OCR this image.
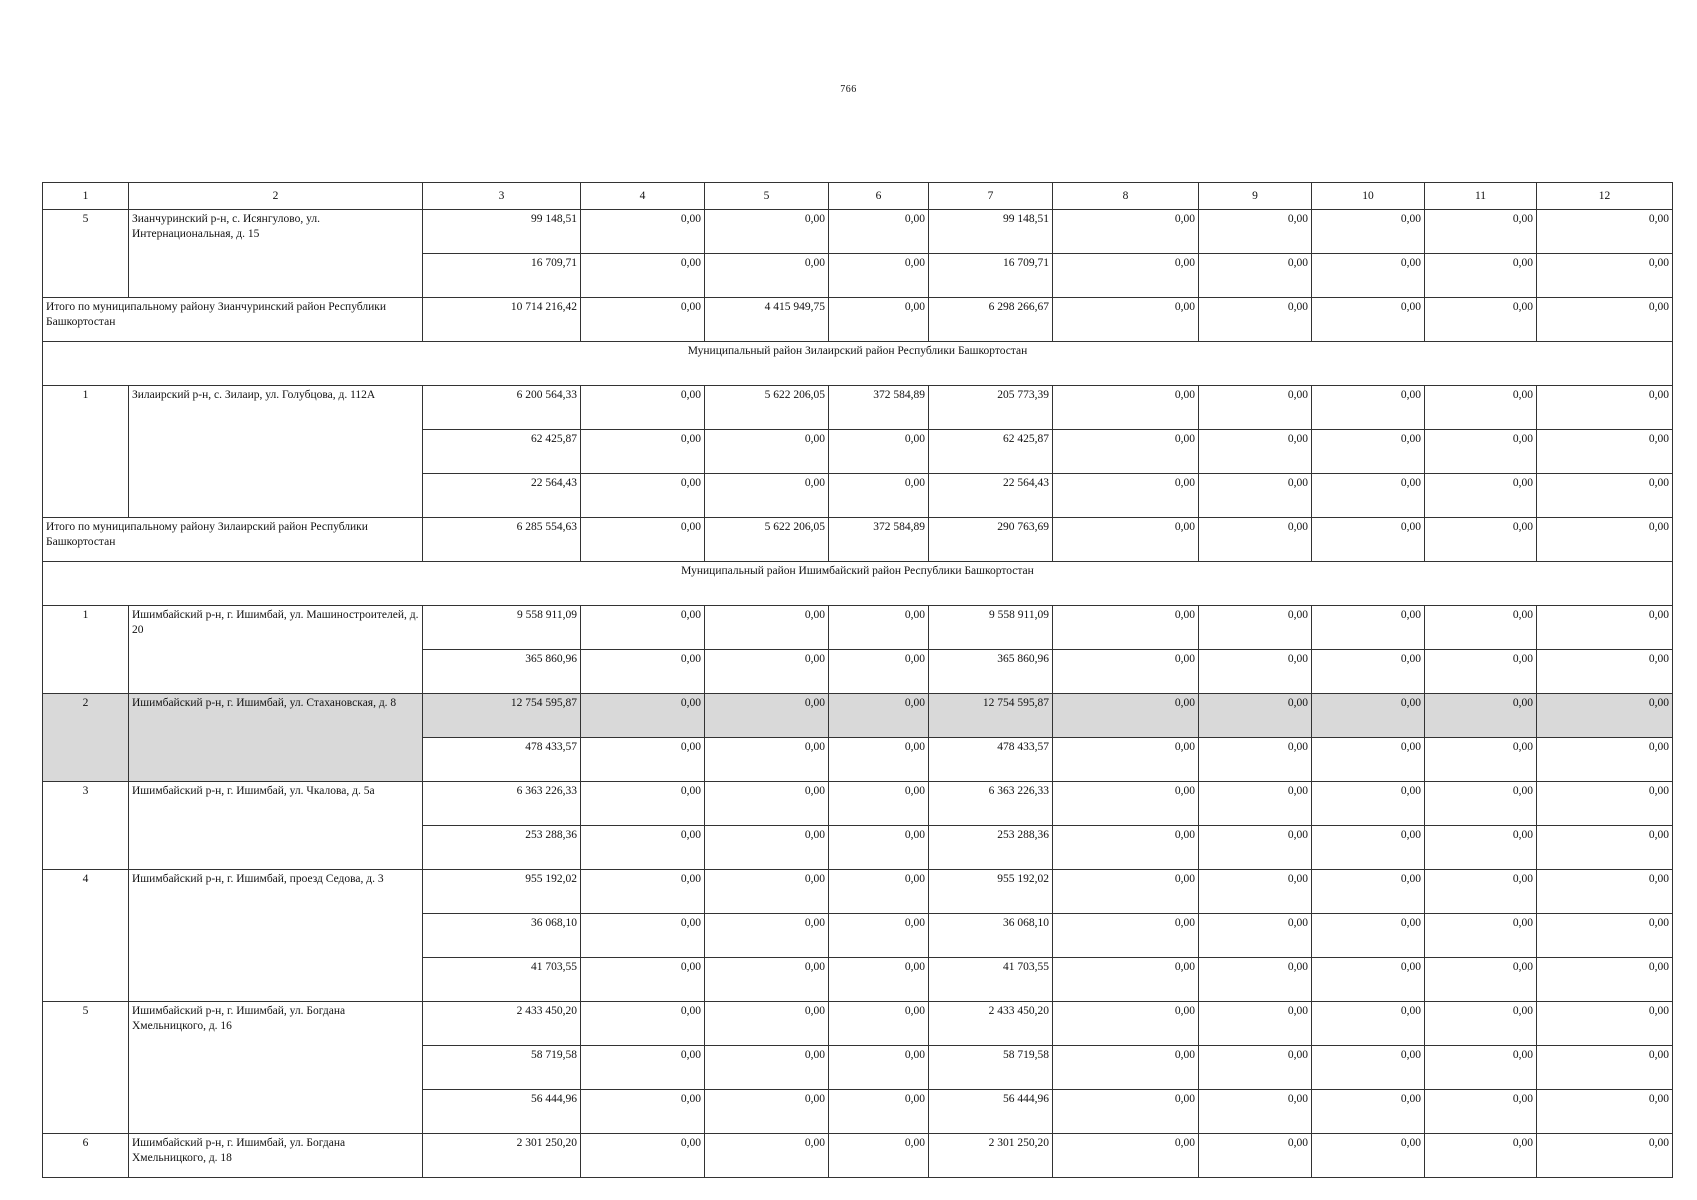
766
1	2	3	4	5	6	7	8	9	10	11	12
5	Зианчуринский р-н, с. Исянгулово, ул. Интернациональная, д. 15	99 148,51	0,00	0,00	0,00	99 148,51	0,00	0,00	0,00	0,00	0,00
		16 709,71	0,00	0,00	0,00	16 709,71	0,00	0,00	0,00	0,00	0,00
Итого по муниципальному району Зианчуринский район Республики Башкортостан		10 714 216,42	0,00	4 415 949,75	0,00	6 298 266,67	0,00	0,00	0,00	0,00	0,00
Муниципальный район Зилаирский район Республики Башкортостан											
1	Зилаирский р-н, с. Зилаир, ул. Голубцова, д. 112А	6 200 564,33	0,00	5 622 206,05	372 584,89	205 773,39	0,00	0,00	0,00	0,00	0,00
		62 425,87	0,00	0,00	0,00	62 425,87	0,00	0,00	0,00	0,00	0,00
		22 564,43	0,00	0,00	0,00	22 564,43	0,00	0,00	0,00	0,00	0,00
Итого по муниципальному району Зилаирский район Республики Башкортостан		6 285 554,63	0,00	5 622 206,05	372 584,89	290 763,69	0,00	0,00	0,00	0,00	0,00
Муниципальный район Ишимбайский район Республики Башкортостан											
1	Ишимбайский р-н, г. Ишимбай, ул. Машиностроителей, д. 20	9 558 911,09	0,00	0,00	0,00	9 558 911,09	0,00	0,00	0,00	0,00	0,00
		365 860,96	0,00	0,00	0,00	365 860,96	0,00	0,00	0,00	0,00	0,00
2	Ишимбайский р-н, г. Ишимбай, ул. Стахановская, д. 8	12 754 595,87	0,00	0,00	0,00	12 754 595,87	0,00	0,00	0,00	0,00	0,00
		478 433,57	0,00	0,00	0,00	478 433,57	0,00	0,00	0,00	0,00	0,00
3	Ишимбайский р-н, г. Ишимбай, ул. Чкалова, д. 5а	6 363 226,33	0,00	0,00	0,00	6 363 226,33	0,00	0,00	0,00	0,00	0,00
		253 288,36	0,00	0,00	0,00	253 288,36	0,00	0,00	0,00	0,00	0,00
4	Ишимбайский р-н, г. Ишимбай, проезд Седова, д. 3	955 192,02	0,00	0,00	0,00	955 192,02	0,00	0,00	0,00	0,00	0,00
		36 068,10	0,00	0,00	0,00	36 068,10	0,00	0,00	0,00	0,00	0,00
		41 703,55	0,00	0,00	0,00	41 703,55	0,00	0,00	0,00	0,00	0,00
5	Ишимбайский р-н, г. Ишимбай, ул. Богдана Хмельницкого, д. 16	2 433 450,20	0,00	0,00	0,00	2 433 450,20	0,00	0,00	0,00	0,00	0,00
		58 719,58	0,00	0,00	0,00	58 719,58	0,00	0,00	0,00	0,00	0,00
		56 444,96	0,00	0,00	0,00	56 444,96	0,00	0,00	0,00	0,00	0,00
6	Ишимбайский р-н, г. Ишимбай, ул. Богдана Хмельницкого, д. 18	2 301 250,20	0,00	0,00	0,00	2 301 250,20	0,00	0,00	0,00	0,00	0,00
